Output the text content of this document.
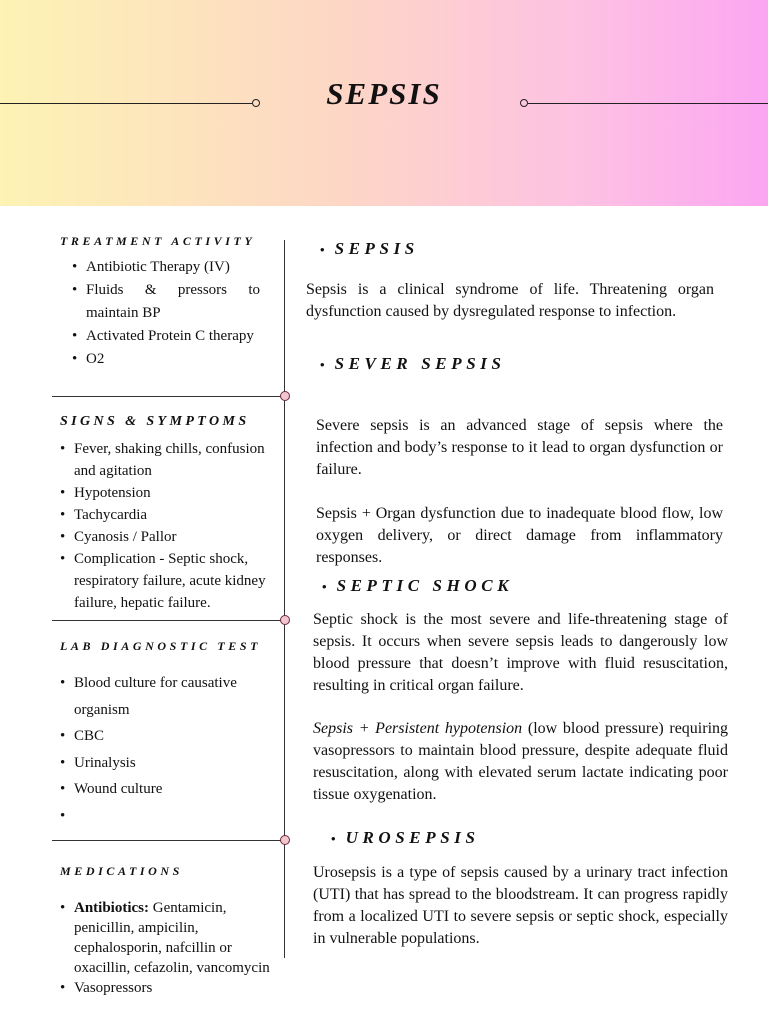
SEPSIS
TREATMENT ACTIVITY
• Antibiotic Therapy (IV)
• Fluids & pressors to maintain BP
• Activated Protein C therapy
• O2
SIGNS & SYMPTOMS
• Fever, shaking chills, confusion and agitation
• Hypotension
• Tachycardia
• Cyanosis / Pallor
• Complication - Septic shock, respiratory failure, acute kidney failure, hepatic failure.
LAB DIAGNOSTIC TEST
• Blood culture for causative organism
• CBC
• Urinalysis
• Wound culture
•
MEDICATIONS
• Antibiotics: Gentamicin, penicillin, ampicilin, cephalosporin, nafcillin or oxacillin, cefazolin, vancomycin
• Vasopressors
• SEPSIS

Sepsis is a clinical syndrome of life. Threatening organ dysfunction caused by dysregulated response to infection.

• SEVER SEPSIS

Severe sepsis is an advanced stage of sepsis where the infection and body’s response to it lead to organ dysfunction or failure.

Sepsis + Organ dysfunction due to inadequate blood flow, low oxygen delivery, or direct damage from inflammatory responses.

• SEPTIC SHOCK

Septic shock is the most severe and life-threatening stage of sepsis. It occurs when severe sepsis leads to dangerously low blood pressure that doesn’t improve with fluid resuscitation, resulting in critical organ failure.

Sepsis + Persistent hypotension (low blood pressure) requiring vasopressors to maintain blood pressure, despite adequate fluid resuscitation, along with elevated serum lactate indicating poor tissue oxygenation.

• UROSEPSIS

Urosepsis is a type of sepsis caused by a urinary tract infection (UTI) that has spread to the bloodstream. It can progress rapidly from a localized UTI to severe sepsis or septic shock, especially in vulnerable populations.
